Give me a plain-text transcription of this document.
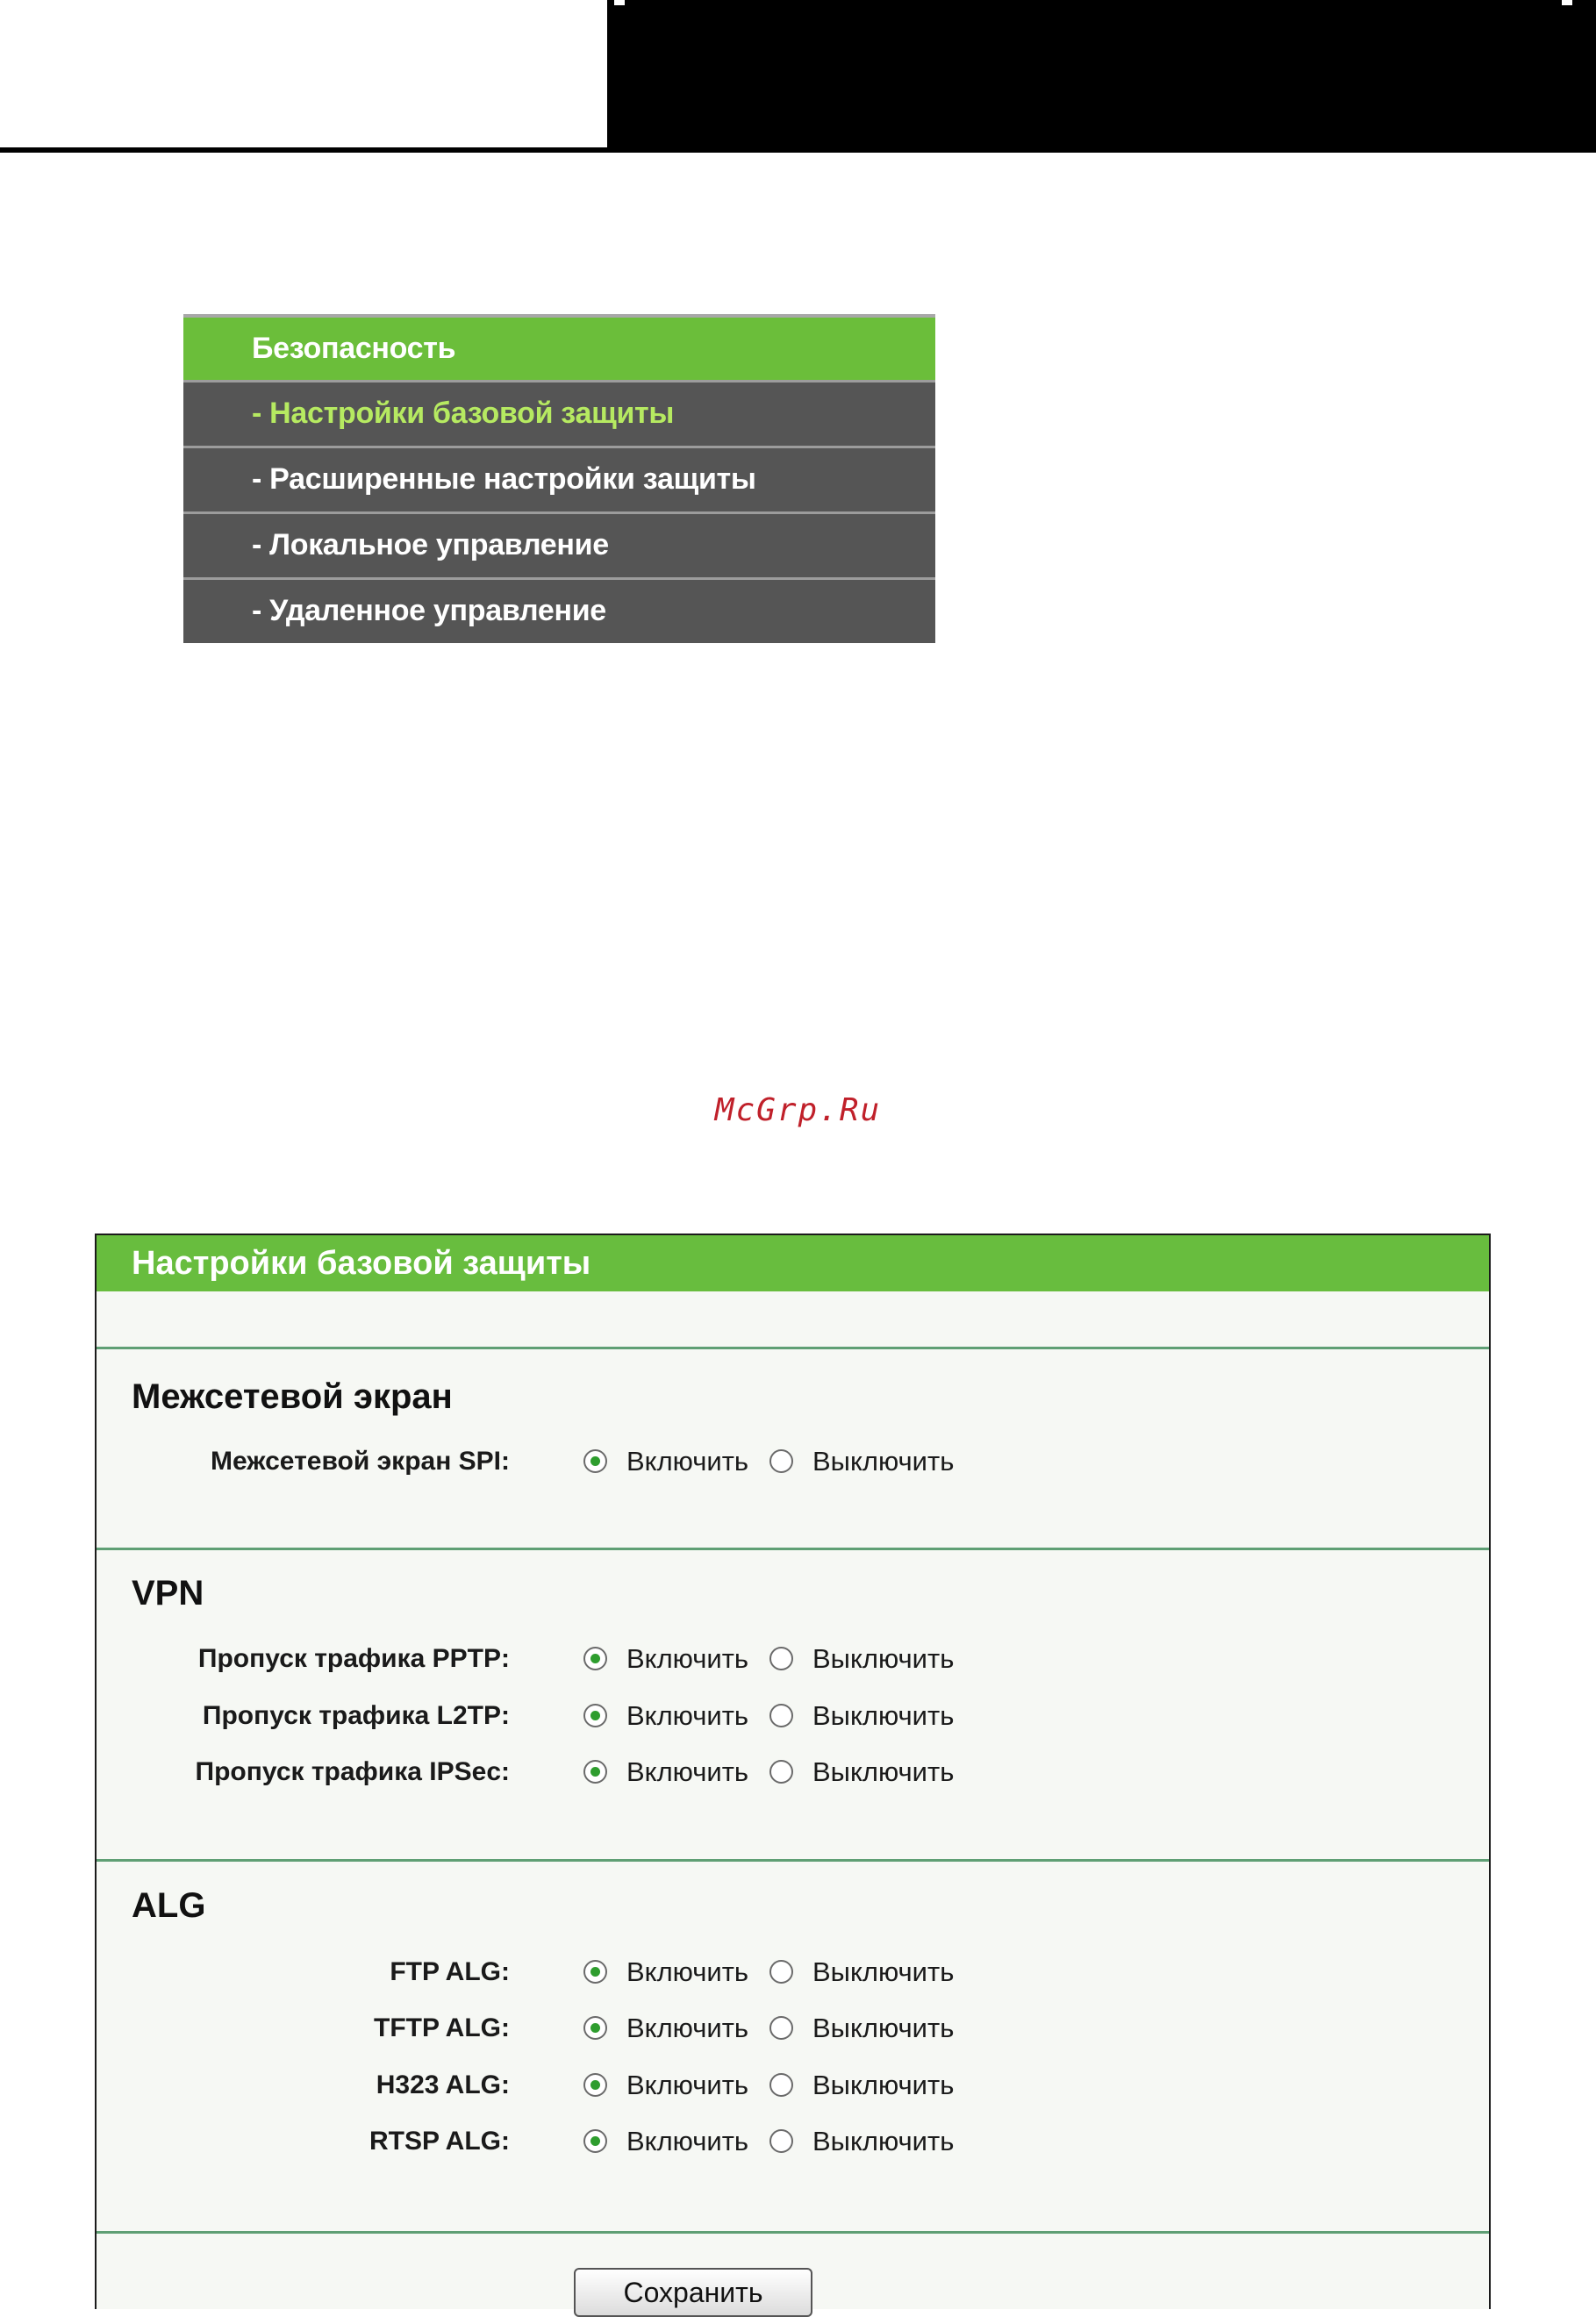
Безопасность
- Настройки базовой защиты
- Расширенные настройки защиты
- Локальное управление
- Удаленное управление
McGrp.Ru
Настройки базовой защиты
Межсетевой экран
Межсетевой экран SPI:	Включить Выключить
VPN
Пропуск трафика PPTP:	Включить Выключить
Пропуск трафика L2TP:	Включить Выключить
Пропуск трафика IPSec:	Включить Выключить
ALG
FTP ALG:	Включить Выключить
TFTP ALG:	Включить Выключить
H323 ALG:	Включить Выключить
RTSP ALG:	Включить Выключить
Сохранить
